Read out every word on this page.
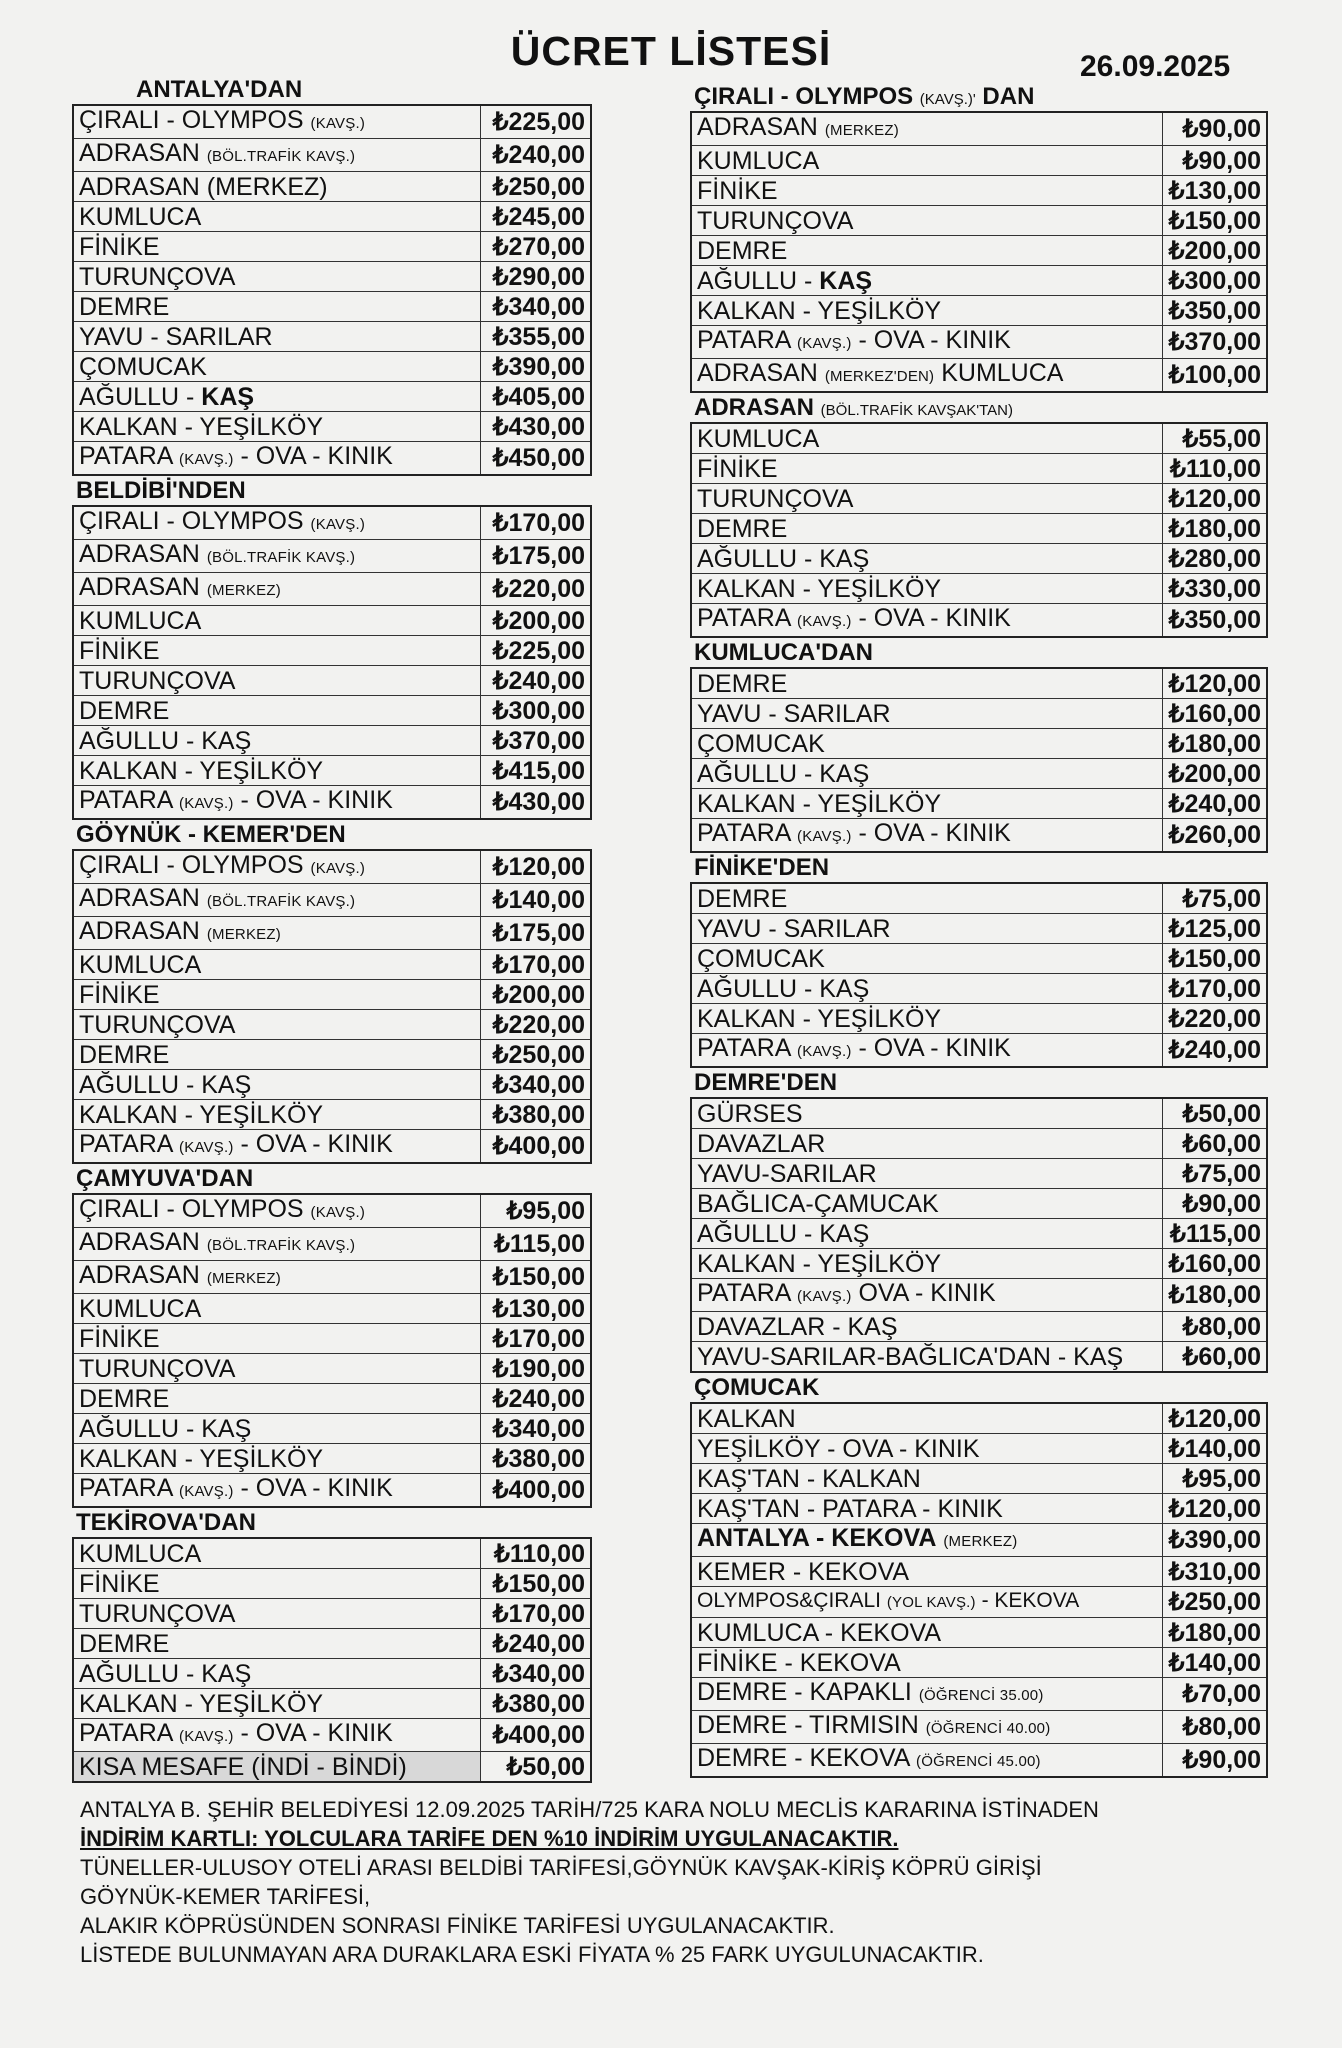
ÜCRET LİSTESİ	26.09.2025
ANTALYA'DAN
ÇIRALI - OLYMPOS (KAVŞ.)	₺225,00
ADRASAN (BÖL.TRAFİK KAVŞ.)	₺240,00
ADRASAN (MERKEZ)	₺250,00
KUMLUCA	₺245,00
FİNİKE	₺270,00
TURUNÇOVA	₺290,00
DEMRE	₺340,00
YAVU - SARILAR	₺355,00
ÇOMUCAK	₺390,00
AĞULLU - KAŞ	₺405,00
KALKAN - YEŞİLKÖY	₺430,00
PATARA (KAVŞ.) - OVA - KINIK	₺450,00
BELDİBİ'NDEN
ÇIRALI - OLYMPOS (KAVŞ.)	₺170,00
ADRASAN (BÖL.TRAFİK KAVŞ.)	₺175,00
ADRASAN (MERKEZ)	₺220,00
KUMLUCA	₺200,00
FİNİKE	₺225,00
TURUNÇOVA	₺240,00
DEMRE	₺300,00
AĞULLU - KAŞ	₺370,00
KALKAN - YEŞİLKÖY	₺415,00
PATARA (KAVŞ.) - OVA - KINIK	₺430,00
GÖYNÜK - KEMER'DEN
ÇIRALI - OLYMPOS (KAVŞ.)	₺120,00
ADRASAN (BÖL.TRAFİK KAVŞ.)	₺140,00
ADRASAN (MERKEZ)	₺175,00
KUMLUCA	₺170,00
FİNİKE	₺200,00
TURUNÇOVA	₺220,00
DEMRE	₺250,00
AĞULLU - KAŞ	₺340,00
KALKAN - YEŞİLKÖY	₺380,00
PATARA (KAVŞ.) - OVA - KINIK	₺400,00
ÇAMYUVA'DAN
ÇIRALI - OLYMPOS (KAVŞ.)	₺95,00
ADRASAN (BÖL.TRAFİK KAVŞ.)	₺115,00
ADRASAN (MERKEZ)	₺150,00
KUMLUCA	₺130,00
FİNİKE	₺170,00
TURUNÇOVA	₺190,00
DEMRE	₺240,00
AĞULLU - KAŞ	₺340,00
KALKAN - YEŞİLKÖY	₺380,00
PATARA (KAVŞ.) - OVA - KINIK	₺400,00
TEKİROVA'DAN
KUMLUCA	₺110,00
FİNİKE	₺150,00
TURUNÇOVA	₺170,00
DEMRE	₺240,00
AĞULLU - KAŞ	₺340,00
KALKAN - YEŞİLKÖY	₺380,00
PATARA (KAVŞ.) - OVA - KINIK	₺400,00
KISA MESAFE (İNDİ - BİNDİ)	₺50,00
ÇIRALI - OLYMPOS (KAVŞ.)' DAN
ADRASAN (MERKEZ)	₺90,00
KUMLUCA	₺90,00
FİNİKE	₺130,00
TURUNÇOVA	₺150,00
DEMRE	₺200,00
AĞULLU - KAŞ	₺300,00
KALKAN - YEŞİLKÖY	₺350,00
PATARA (KAVŞ.) - OVA - KINIK	₺370,00
ADRASAN (MERKEZ'DEN) KUMLUCA	₺100,00
ADRASAN (BÖL.TRAFİK KAVŞAK'TAN)
KUMLUCA	₺55,00
FİNİKE	₺110,00
TURUNÇOVA	₺120,00
DEMRE	₺180,00
AĞULLU - KAŞ	₺280,00
KALKAN - YEŞİLKÖY	₺330,00
PATARA (KAVŞ.) - OVA - KINIK	₺350,00
KUMLUCA'DAN
DEMRE	₺120,00
YAVU - SARILAR	₺160,00
ÇOMUCAK	₺180,00
AĞULLU - KAŞ	₺200,00
KALKAN - YEŞİLKÖY	₺240,00
PATARA (KAVŞ.) - OVA - KINIK	₺260,00
FİNİKE'DEN
DEMRE	₺75,00
YAVU - SARILAR	₺125,00
ÇOMUCAK	₺150,00
AĞULLU - KAŞ	₺170,00
KALKAN - YEŞİLKÖY	₺220,00
PATARA (KAVŞ.) - OVA - KINIK	₺240,00
DEMRE'DEN
GÜRSES	₺50,00
DAVAZLAR	₺60,00
YAVU-SARILAR	₺75,00
BAĞLICA-ÇAMUCAK	₺90,00
AĞULLU - KAŞ	₺115,00
KALKAN - YEŞİLKÖY	₺160,00
PATARA (KAVŞ.) OVA - KINIK	₺180,00
DAVAZLAR - KAŞ	₺80,00
YAVU-SARILAR-BAĞLICA'DAN - KAŞ	₺60,00
ÇOMUCAK
KALKAN	₺120,00
YEŞİLKÖY - OVA - KINIK	₺140,00
KAŞ'TAN - KALKAN	₺95,00
KAŞ'TAN - PATARA - KINIK	₺120,00
ANTALYA - KEKOVA (MERKEZ)	₺390,00
KEMER - KEKOVA	₺310,00
OLYMPOS&ÇIRALI (YOL KAVŞ.) - KEKOVA	₺250,00
KUMLUCA - KEKOVA	₺180,00
FİNİKE - KEKOVA	₺140,00
DEMRE - KAPAKLI (ÖĞRENCİ 35.00)	₺70,00
DEMRE - TIRMISIN (ÖĞRENCİ 40.00)	₺80,00
DEMRE - KEKOVA (ÖĞRENCİ 45.00)	₺90,00
ANTALYA B. ŞEHİR BELEDİYESİ 12.09.2025 TARİH/725 KARA NOLU MECLİS KARARINA İSTİNADEN
İNDİRİM KARTLI: YOLCULARA TARİFE DEN %10 İNDİRİM UYGULANACAKTIR.
TÜNELLER-ULUSOY OTELİ ARASI BELDİBİ TARİFESİ,GÖYNÜK KAVŞAK-KİRİŞ KÖPRÜ GİRİŞİ
GÖYNÜK-KEMER TARİFESİ,
ALAKIR KÖPRÜSÜNDEN SONRASI FİNİKE TARİFESİ UYGULANACAKTIR.
LİSTEDE BULUNMAYAN ARA DURAKLARA ESKİ FİYATA % 25 FARK UYGULUNACAKTIR.
